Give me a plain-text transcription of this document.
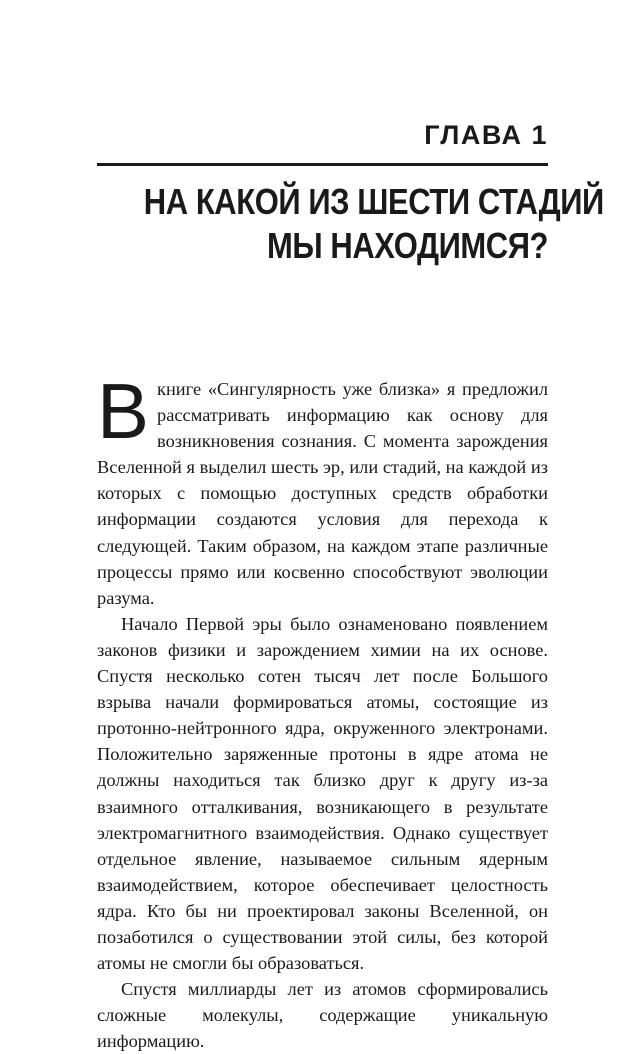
ГЛАВА 1
НА КАКОЙ ИЗ ШЕСТИ СТАДИЙ
МЫ НАХОДИМСЯ?

Вкниге «Сингулярность уже близка» я предложил рассматривать информацию как основу для возникновения сознания. С момента зарождения Вселенной я выделил шесть эр, или стадий, на каждой из которых с помощью доступных средств обработки информации создаются условия для перехода к следующей. Таким образом, на каждом этапе различные процессы прямо или косвенно способствуют эволюции разума.

Начало Первой эры было ознаменовано появлением законов физики и зарождением химии на их основе. Спустя несколько сотен тысяч лет после Большого взрыва начали формироваться атомы, состоящие из протонно-нейтронного ядра, окруженного электронами. Положительно заряженные протоны в ядре атома не должны находиться так близко друг к другу из-за взаимного отталкивания, возникающего в результате электромагнитного взаимодействия. Однако существует отдельное явление, называемое сильным ядерным взаимодействием, которое обеспечивает целостность ядра. Кто бы ни проектировал законы Вселенной, он позаботился о существовании этой силы, без которой атомы не смогли бы образоваться.

Спустя миллиарды лет из атомов сформировались сложные молекулы, содержащие уникальную информацию.
